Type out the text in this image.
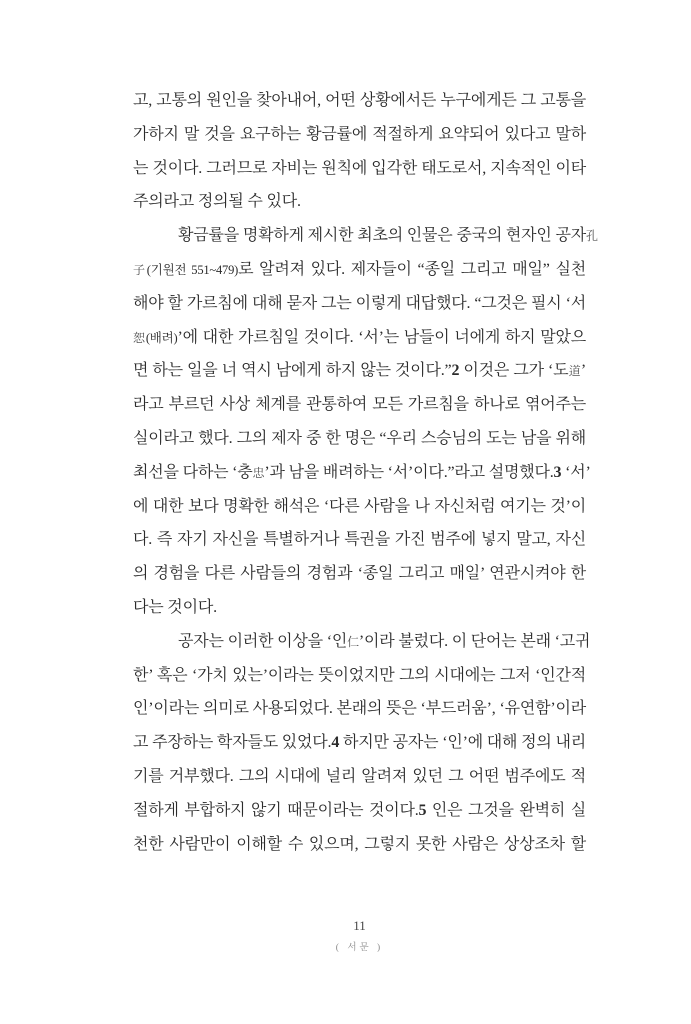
고, 고통의 원인을 찾아내어, 어떤 상황에서든 누구에게든 그 고통을
가하지 말 것을 요구하는 황금률에 적절하게 요약되어 있다고 말하
는 것이다. 그러므로 자비는 원칙에 입각한 태도로서, 지속적인 이타
주의라고 정의될 수 있다.
황금률을 명확하게 제시한 최초의 인물은 중국의 현자인 공자孔
子(기원전 551~479)로 알려져 있다. 제자들이 “종일 그리고 매일” 실천
해야 할 가르침에 대해 묻자 그는 이렇게 대답했다. “그것은 필시 ‘서
恕(배려)’에 대한 가르침일 것이다. ‘서’는 남들이 너에게 하지 말았으
면 하는 일을 너 역시 남에게 하지 않는 것이다.”2 이것은 그가 ‘도道’
라고 부르던 사상 체계를 관통하여 모든 가르침을 하나로 엮어주는
실이라고 했다. 그의 제자 중 한 명은 “우리 스승님의 도는 남을 위해
최선을 다하는 ‘충忠’과 남을 배려하는 ‘서’이다.”라고 설명했다.3 ‘서’
에 대한 보다 명확한 해석은 ‘다른 사람을 나 자신처럼 여기는 것’이
다. 즉 자기 자신을 특별하거나 특권을 가진 범주에 넣지 말고, 자신
의 경험을 다른 사람들의 경험과 ‘종일 그리고 매일’ 연관시켜야 한
다는 것이다.
공자는 이러한 이상을 ‘인仁’이라 불렀다. 이 단어는 본래 ‘고귀
한’ 혹은 ‘가치 있는’이라는 뜻이었지만 그의 시대에는 그저 ‘인간적
인’이라는 의미로 사용되었다. 본래의 뜻은 ‘부드러움’, ‘유연함’이라
고 주장하는 학자들도 있었다.4 하지만 공자는 ‘인’에 대해 정의 내리
기를 거부했다. 그의 시대에 널리 알려져 있던 그 어떤 범주에도 적
절하게 부합하지 않기 때문이라는 것이다.5 인은 그것을 완벽히 실
천한 사람만이 이해할 수 있으며, 그렇지 못한 사람은 상상조차 할
11
( 서문 )
